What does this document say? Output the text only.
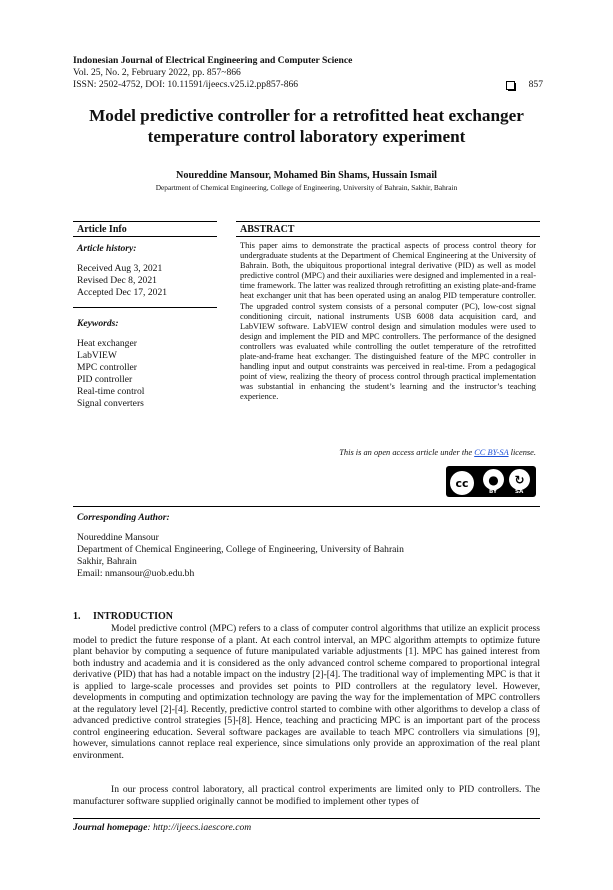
Indonesian Journal of Electrical Engineering and Computer Science
Vol. 25, No. 2, February 2022, pp. 857~866
ISSN: 2502-4752, DOI: 10.11591/ijeecs.v25.i2.pp857-866	857
Model predictive controller for a retrofitted heat exchanger
temperature control laboratory experiment
Noureddine Mansour, Mohamed Bin Shams, Hussain Ismail
Department of Chemical Engineering, College of Engineering, University of Bahrain, Sakhir, Bahrain
Article Info	ABSTRACT
Article history:
Received Aug 3, 2021
Revised Dec 8, 2021
Accepted Dec 17, 2021
Keywords:
Heat exchanger
LabVIEW
MPC controller
PID controller
Real-time control
Signal converters
This paper aims to demonstrate the practical aspects of process control theory for undergraduate students at the Department of Chemical Engineering at the University of Bahrain. Both, the ubiquitous proportional integral derivative (PID) as well as model predictive control (MPC) and their auxiliaries were designed and implemented in a real-time framework. The latter was realized through retrofitting an existing plate-and-frame heat exchanger unit that has been operated using an analog PID temperature controller. The upgraded control system consists of a personal computer (PC), low-cost signal conditioning circuit, national instruments USB 6008 data acquisition card, and LabVIEW software. LabVIEW control design and simulation modules were used to design and implement the PID and MPC controllers. The performance of the designed controllers was evaluated while controlling the outlet temperature of the retrofitted plate-and-frame heat exchanger. The distinguished feature of the MPC controller in handling input and output constraints was perceived in real-time. From a pedagogical point of view, realizing the theory of process control through practical implementation was substantial in enhancing the student’s learning and the instructor’s teaching experience.
This is an open access article under the CC BY-SA license.
cc	●	↻
BY	SA
Corresponding Author:
Noureddine Mansour
Department of Chemical Engineering, College of Engineering, University of Bahrain
Sakhir, Bahrain
Email: nmansour@uob.edu.bh
1.     INTRODUCTION
Model predictive control (MPC) refers to a class of computer control algorithms that utilize an explicit process model to predict the future response of a plant. At each control interval, an MPC algorithm attempts to optimize future plant behavior by computing a sequence of future manipulated variable adjustments [1]. MPC has gained interest from both industry and academia and it is considered as the only advanced control scheme compared to proportional integral derivative (PID) that has had a notable impact on the industry [2]-[4]. The traditional way of implementing MPC is that it is applied to large-scale processes and provides set points to PID controllers at the regulatory level. However, developments in computing and optimization technology are paving the way for the implementation of MPC controllers at the regulatory level [2]-[4]. Recently, predictive control started to combine with other algorithms to develop a class of advanced predictive control strategies [5]-[8]. Hence, teaching and practicing MPC is an important part of the process control engineering education. Several software packages are available to teach MPC controllers via simulations [9], however, simulations cannot replace real experience, since simulations only provide an approximation of the real plant environment.
In our process control laboratory, all practical control experiments are limited only to PID controllers. The manufacturer software supplied originally cannot be modified to implement other types of
Journal homepage: http://ijeecs.iaescore.com
